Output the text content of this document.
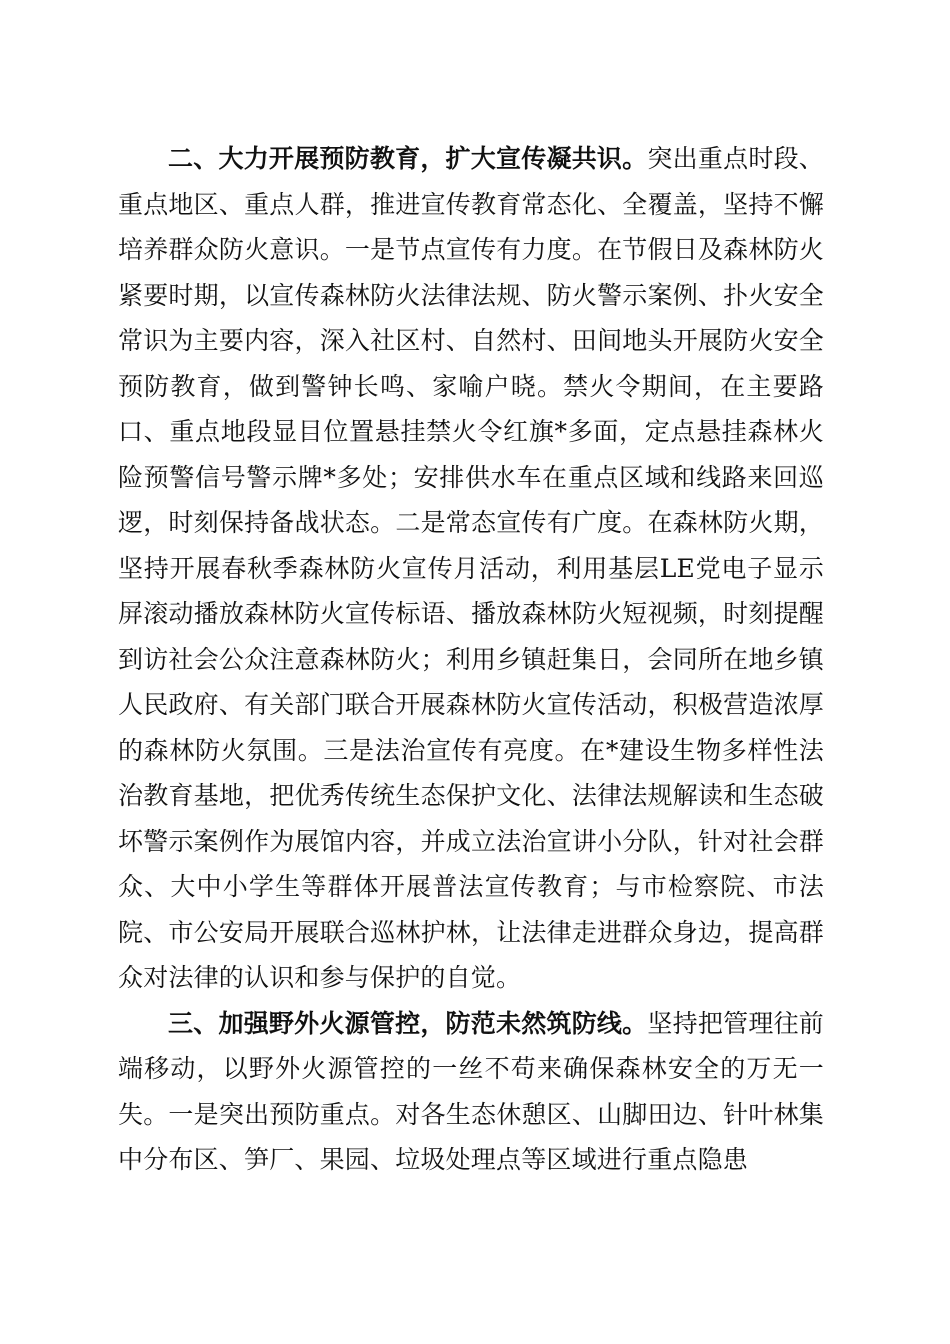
二、大力开展预防教育，扩大宣传凝共识。突出重点时段、重点地区、重点人群，推进宣传教育常态化、全覆盖，坚持不懈培养群众防火意识。一是节点宣传有力度。在节假日及森林防火紧要时期，以宣传森林防火法律法规、防火警示案例、扑火安全常识为主要内容，深入社区村、自然村、田间地头开展防火安全预防教育，做到警钟长鸣、家喻户晓。禁火令期间，在主要路口、重点地段显目位置悬挂禁火令红旗*多面，定点悬挂森林火险预警信号警示牌*多处；安排供水车在重点区域和线路来回巡逻，时刻保持备战状态。二是常态宣传有广度。在森林防火期，坚持开展春秋季森林防火宣传月活动，利用基层LE党电子显示屏滚动播放森林防火宣传标语、播放森林防火短视频，时刻提醒到访社会公众注意森林防火；利用乡镇赶集日，会同所在地乡镇人民政府、有关部门联合开展森林防火宣传活动，积极营造浓厚的森林防火氛围。三是法治宣传有亮度。在*建设生物多样性法治教育基地，把优秀传统生态保护文化、法律法规解读和生态破坏警示案例作为展馆内容，并成立法治宣讲小分队，针对社会群众、大中小学生等群体开展普法宣传教育；与市检察院、市法院、市公安局开展联合巡林护林，让法律走进群众身边，提高群众对法律的认识和参与保护的自觉。

三、加强野外火源管控，防范未然筑防线。坚持把管理往前端移动，以野外火源管控的一丝不苟来确保森林安全的万无一失。一是突出预防重点。对各生态休憩区、山脚田边、针叶林集中分布区、笋厂、果园、垃圾处理点等区域进行重点隐患
